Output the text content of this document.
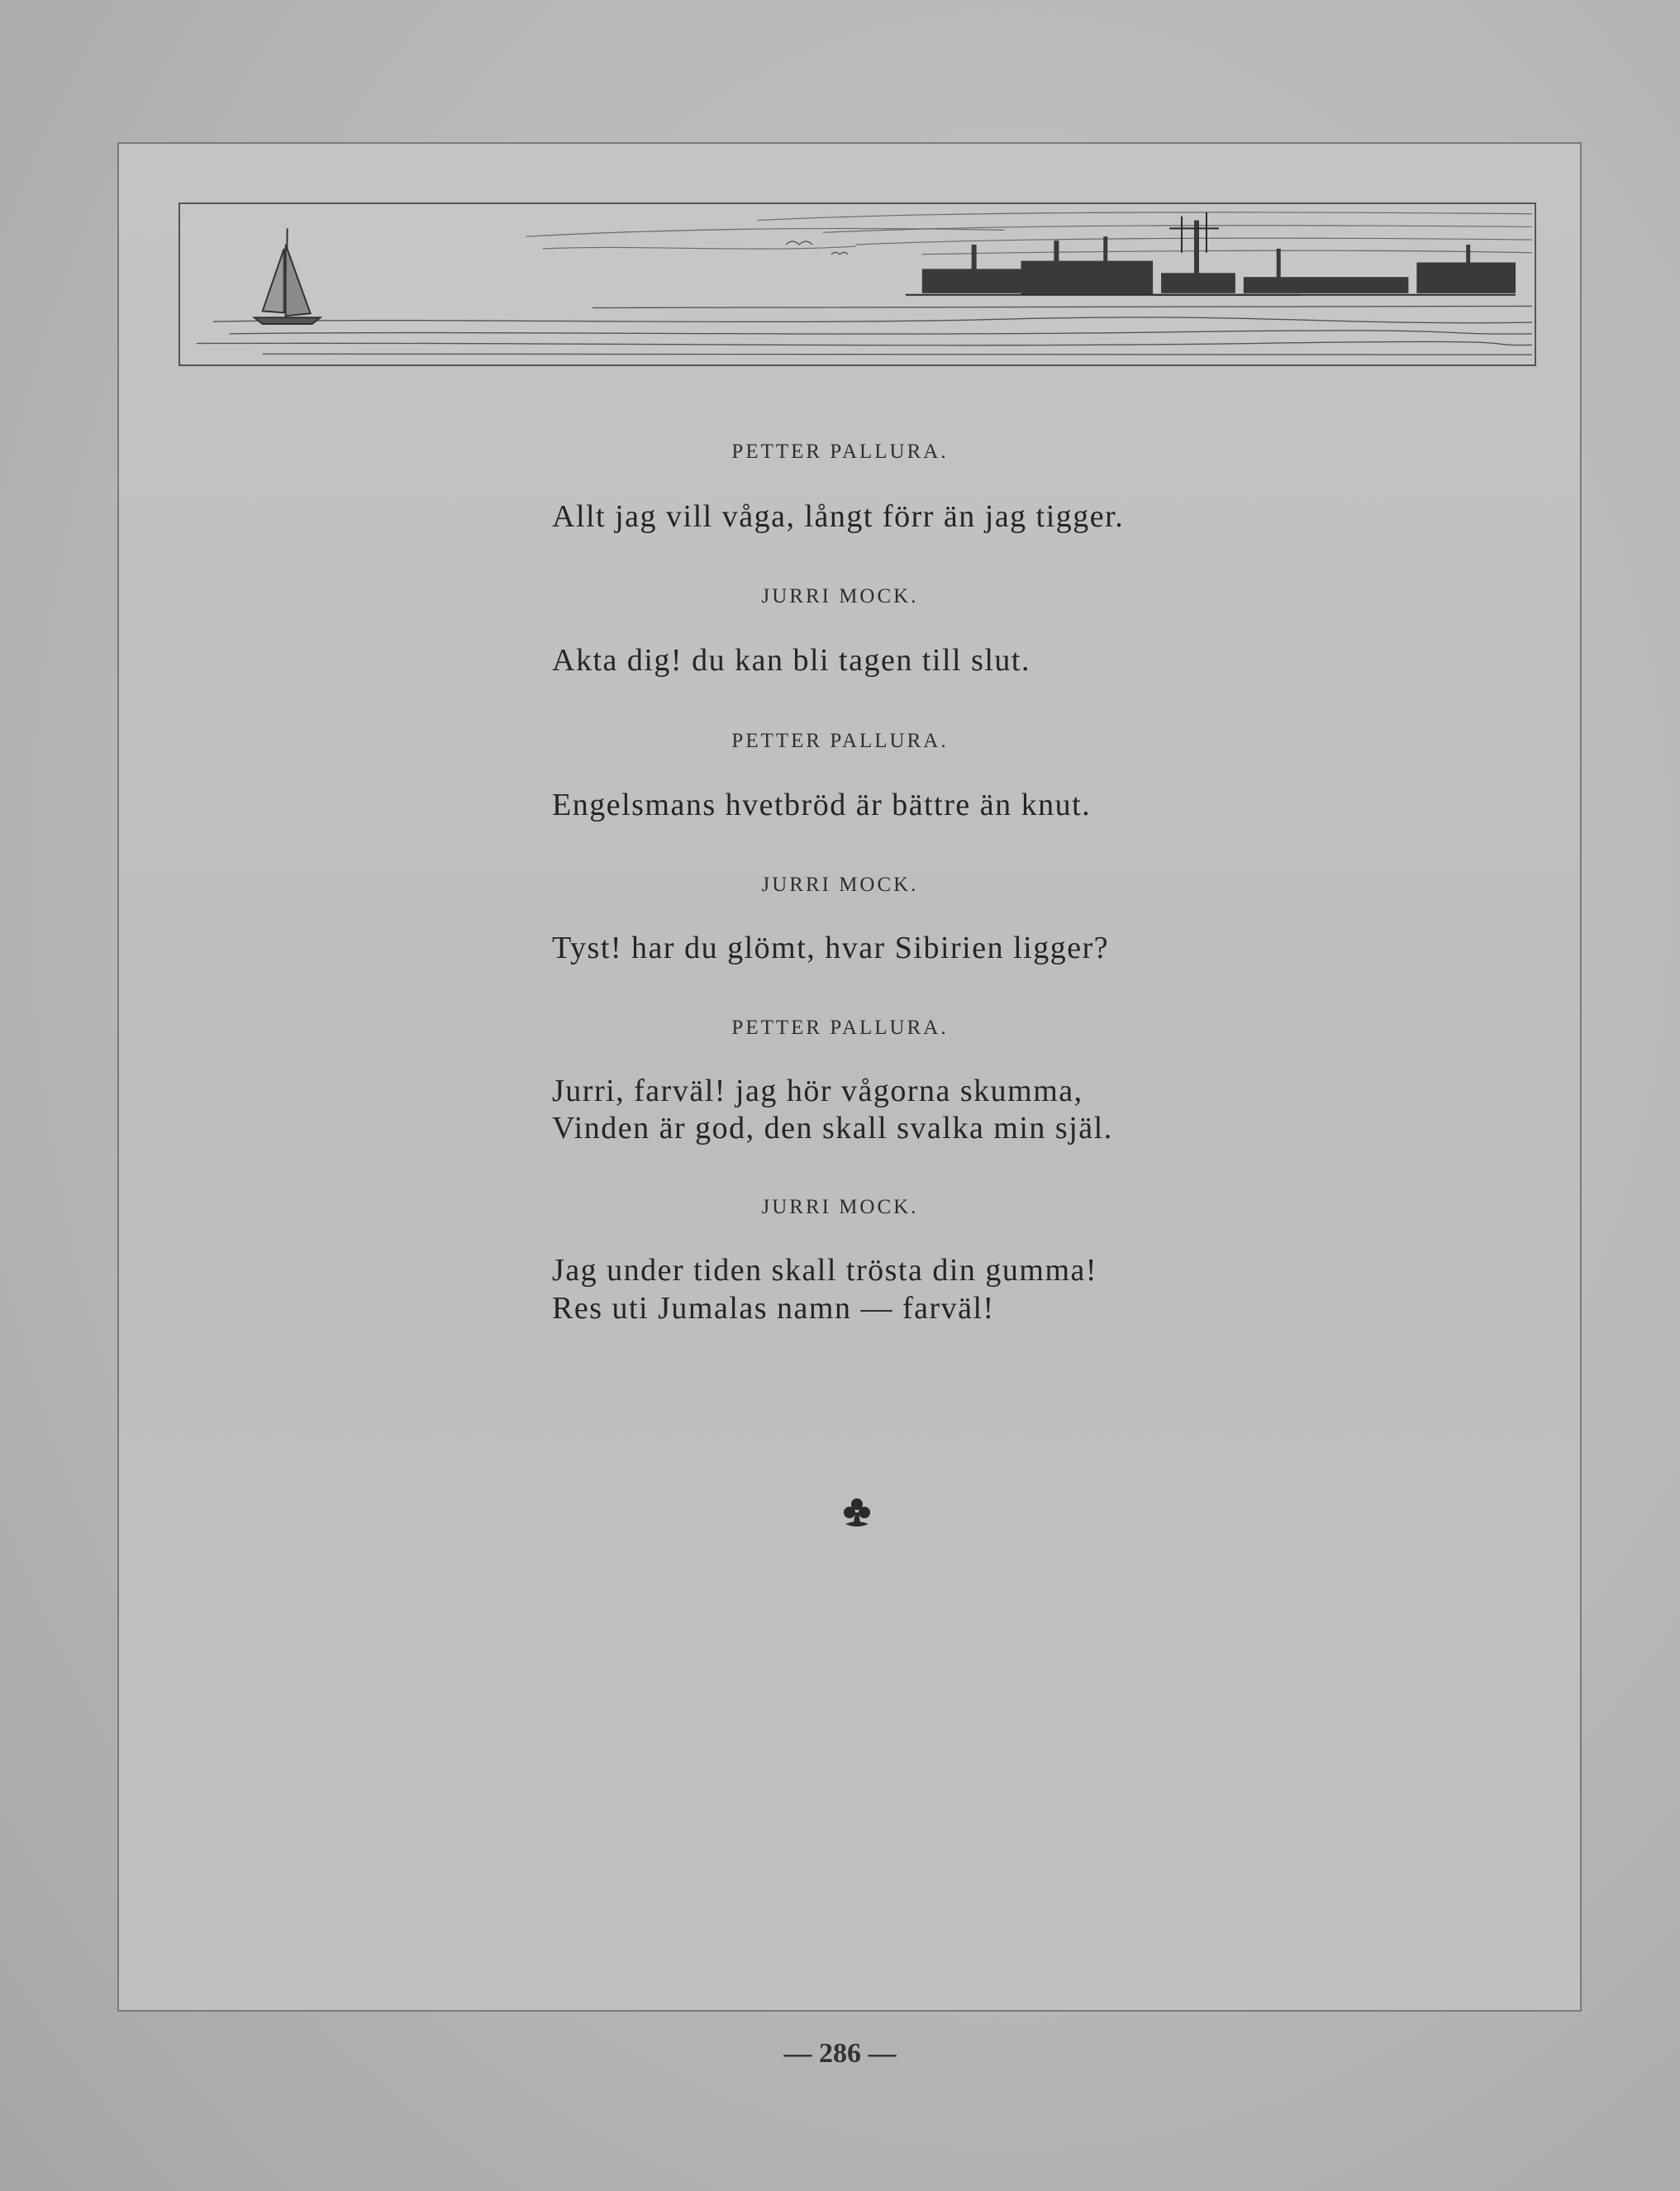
PETTER PALLURA.
Allt jag vill våga, långt förr än jag tigger.
JURRI MOCK.
Akta dig! du kan bli tagen till slut.
PETTER PALLURA.
Engelsmans hvetbröd är bättre än knut.
JURRI MOCK.
Tyst! har du glömt, hvar Sibirien ligger?
PETTER PALLURA.
Jurri, farväl! jag hör vågorna skumma,
Vinden är god, den skall svalka min själ.
JURRI MOCK.
Jag under tiden skall trösta din gumma!
Res uti Jumalas namn — farväl!
— 286 —
